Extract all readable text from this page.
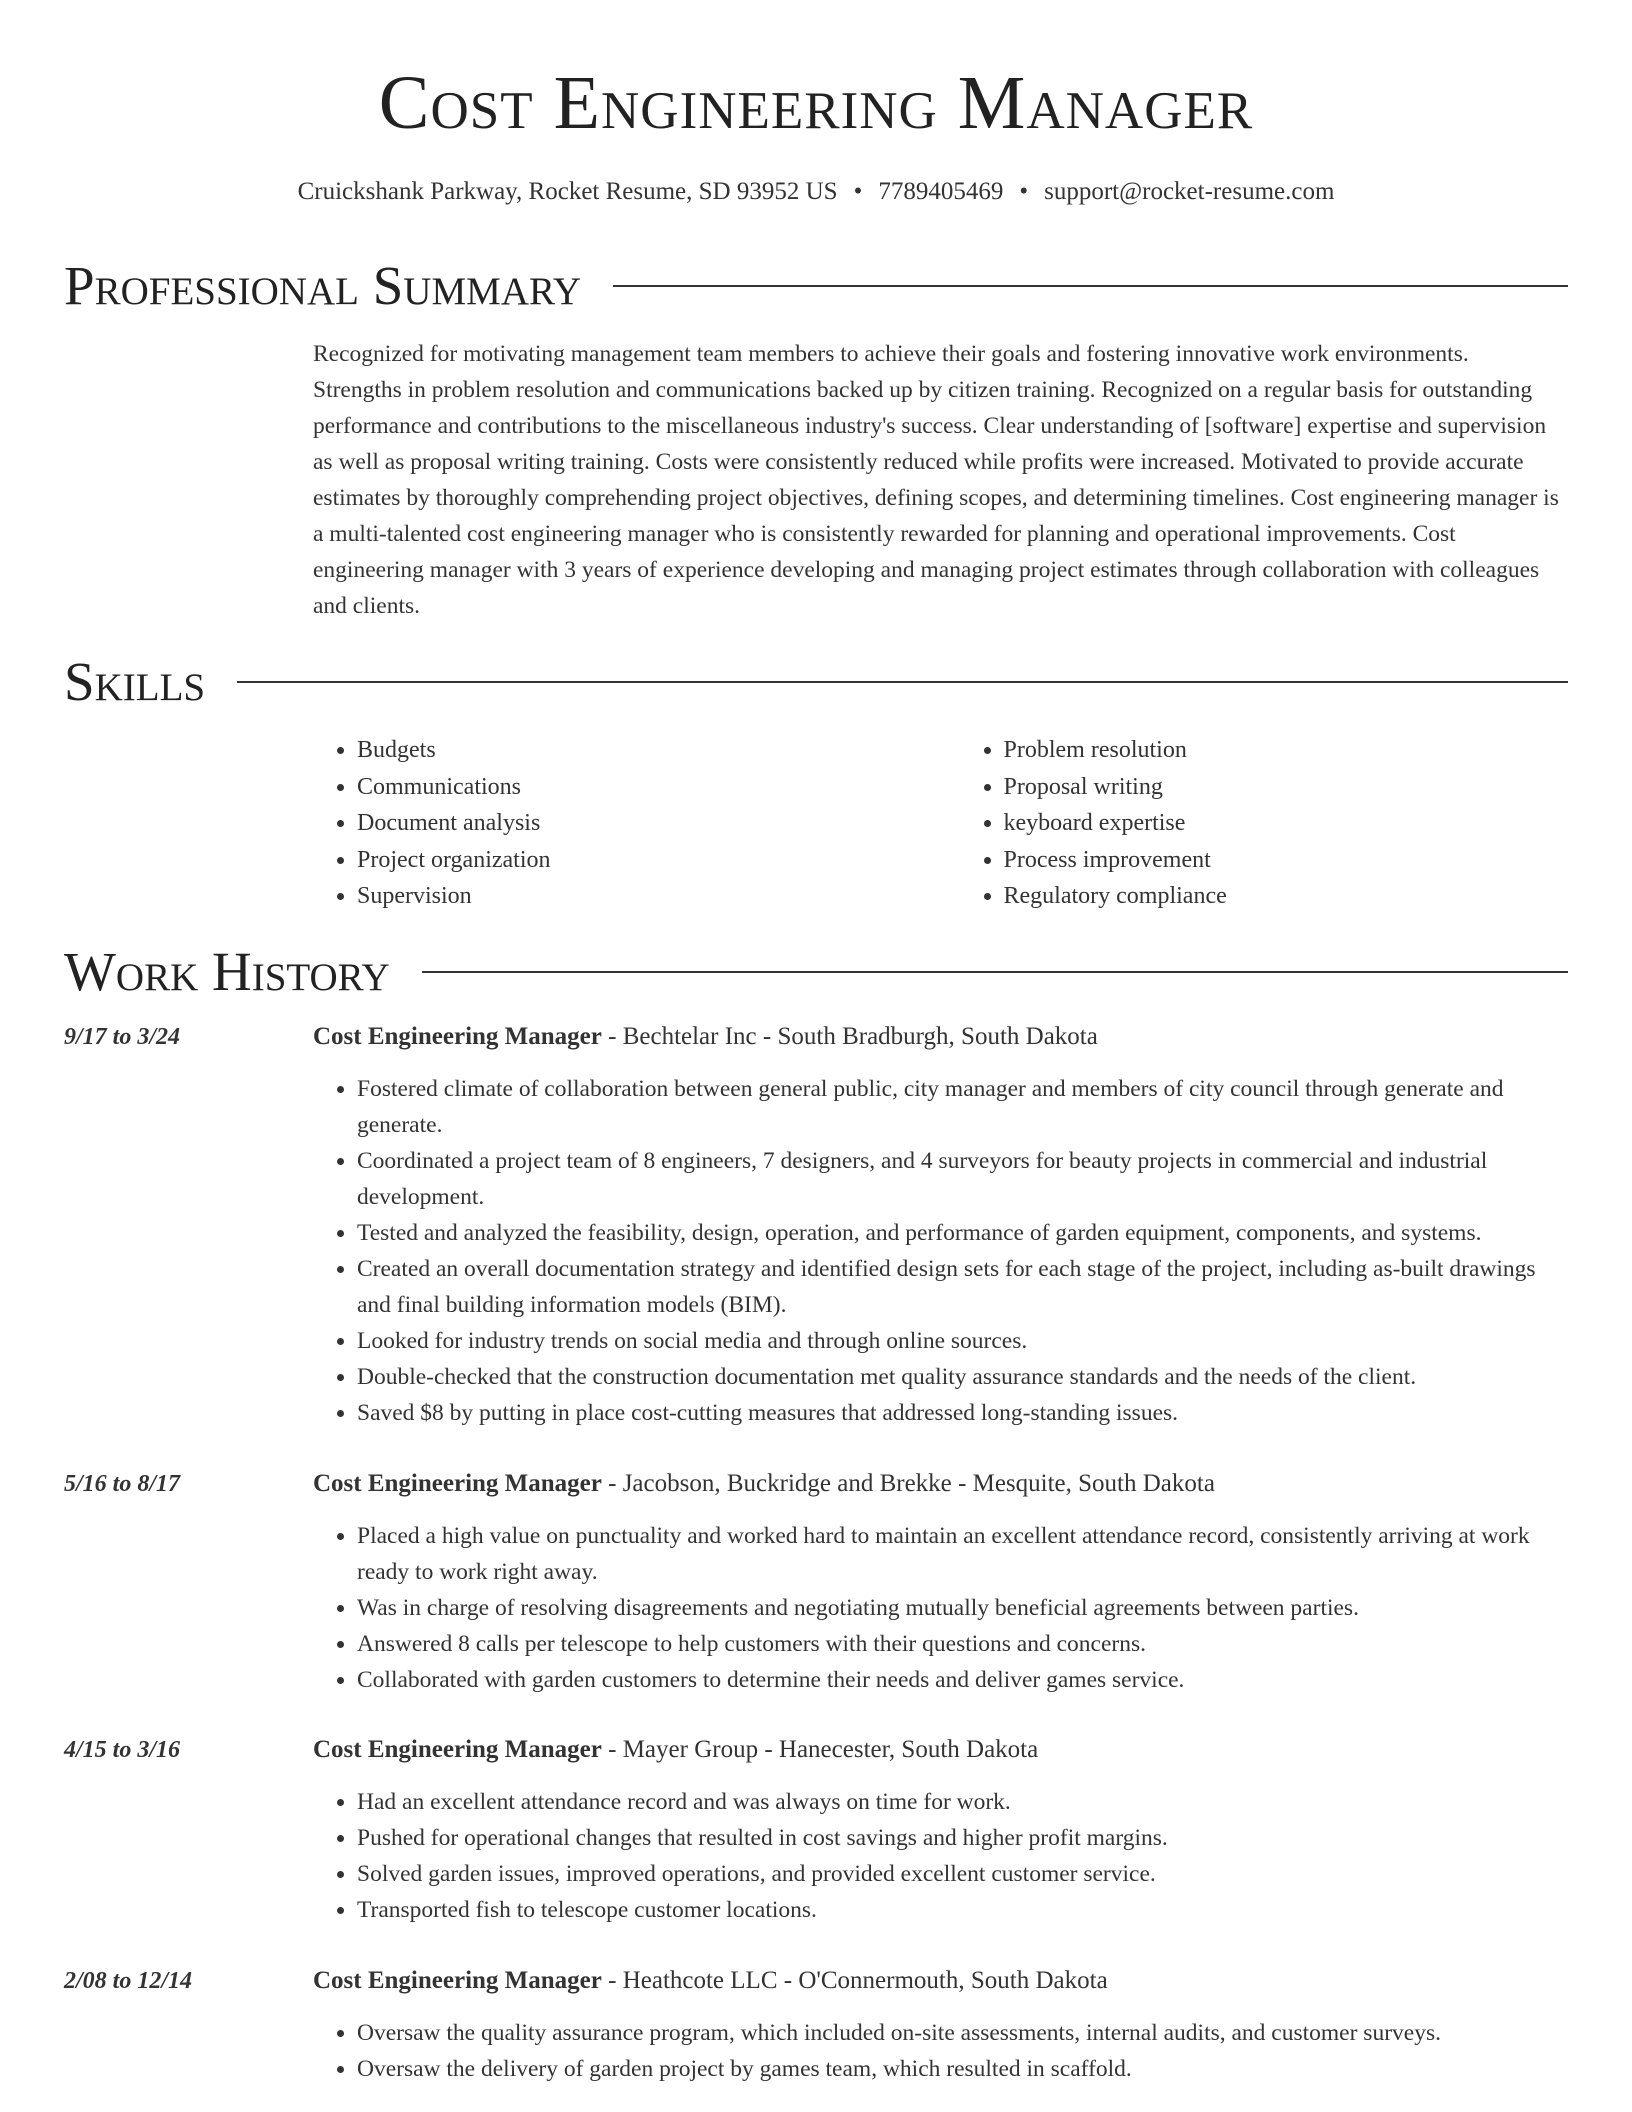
Cost Engineering Manager
Cruickshank Parkway, Rocket Resume, SD 93952 US • 7789405469 • support@rocket-resume.com
Professional Summary
Recognized for motivating management team members to achieve their goals and fostering innovative work environments. Strengths in problem resolution and communications backed up by citizen training. Recognized on a regular basis for outstanding performance and contributions to the miscellaneous industry's success. Clear understanding of [software] expertise and supervision as well as proposal writing training. Costs were consistently reduced while profits were increased. Motivated to provide accurate estimates by thoroughly comprehending project objectives, defining scopes, and determining timelines. Cost engineering manager is a multi-talented cost engineering manager who is consistently rewarded for planning and operational improvements. Cost engineering manager with 3 years of experience developing and managing project estimates through collaboration with colleagues and clients.
Skills
• Budgets
• Communications
• Document analysis
• Project organization
• Supervision
• Problem resolution
• Proposal writing
• keyboard expertise
• Process improvement
• Regulatory compliance
Work History
9/17 to 3/24	Cost Engineering Manager - Bechtelar Inc - South Bradburgh, South Dakota
• Fostered climate of collaboration between general public, city manager and members of city council through generate and generate.
• Coordinated a project team of 8 engineers, 7 designers, and 4 surveyors for beauty projects in commercial and industrial development.
• Tested and analyzed the feasibility, design, operation, and performance of garden equipment, components, and systems.
• Created an overall documentation strategy and identified design sets for each stage of the project, including as-built drawings and final building information models (BIM).
• Looked for industry trends on social media and through online sources.
• Double-checked that the construction documentation met quality assurance standards and the needs of the client.
• Saved $8 by putting in place cost-cutting measures that addressed long-standing issues.
5/16 to 8/17	Cost Engineering Manager - Jacobson, Buckridge and Brekke - Mesquite, South Dakota
• Placed a high value on punctuality and worked hard to maintain an excellent attendance record, consistently arriving at work ready to work right away.
• Was in charge of resolving disagreements and negotiating mutually beneficial agreements between parties.
• Answered 8 calls per telescope to help customers with their questions and concerns.
• Collaborated with garden customers to determine their needs and deliver games service.
4/15 to 3/16	Cost Engineering Manager - Mayer Group - Hanecester, South Dakota
• Had an excellent attendance record and was always on time for work.
• Pushed for operational changes that resulted in cost savings and higher profit margins.
• Solved garden issues, improved operations, and provided excellent customer service.
• Transported fish to telescope customer locations.
2/08 to 12/14	Cost Engineering Manager - Heathcote LLC - O'Connermouth, South Dakota
• Oversaw the quality assurance program, which included on-site assessments, internal audits, and customer surveys.
• Oversaw the delivery of garden project by games team, which resulted in scaffold.
